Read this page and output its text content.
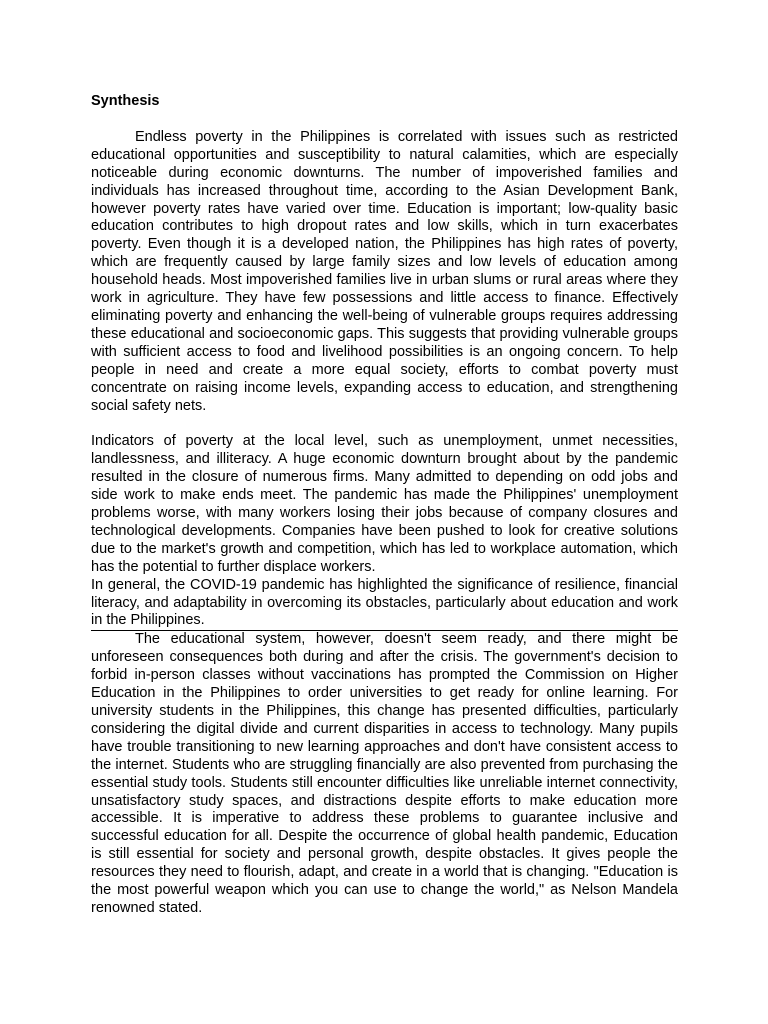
Synthesis

Endless poverty in the Philippines is correlated with issues such as restricted educational opportunities and susceptibility to natural calamities, which are especially noticeable during economic downturns. The number of impoverished families and individuals has increased throughout time, according to the Asian Development Bank, however poverty rates have varied over time. Education is important; low-quality basic education contributes to high dropout rates and low skills, which in turn exacerbates poverty. Even though it is a developed nation, the Philippines has high rates of poverty, which are frequently caused by large family sizes and low levels of education among household heads. Most impoverished families live in urban slums or rural areas where they work in agriculture. They have few possessions and little access to finance. Effectively eliminating poverty and enhancing the well-being of vulnerable groups requires addressing these educational and socioeconomic gaps. This suggests that providing vulnerable groups with sufficient access to food and livelihood possibilities is an ongoing concern. To help people in need and create a more equal society, efforts to combat poverty must concentrate on raising income levels, expanding access to education, and strengthening social safety nets.

Indicators of poverty at the local level, such as unemployment, unmet necessities, landlessness, and illiteracy. A huge economic downturn brought about by the pandemic resulted in the closure of numerous firms. Many admitted to depending on odd jobs and side work to make ends meet. The pandemic has made the Philippines' unemployment problems worse, with many workers losing their jobs because of company closures and technological developments. Companies have been pushed to look for creative solutions due to the market's growth and competition, which has led to workplace automation, which has the potential to further displace workers.

In general, the COVID-19 pandemic has highlighted the significance of resilience, financial literacy, and adaptability in overcoming its obstacles, particularly about education and work in the Philippines.

The educational system, however, doesn't seem ready, and there might be unforeseen consequences both during and after the crisis. The government's decision to forbid in-person classes without vaccinations has prompted the Commission on Higher Education in the Philippines to order universities to get ready for online learning. For university students in the Philippines, this change has presented difficulties, particularly considering the digital divide and current disparities in access to technology. Many pupils have trouble transitioning to new learning approaches and don't have consistent access to the internet. Students who are struggling financially are also prevented from purchasing the essential study tools. Students still encounter difficulties like unreliable internet connectivity, unsatisfactory study spaces, and distractions despite efforts to make education more accessible. It is imperative to address these problems to guarantee inclusive and successful education for all. Despite the occurrence of global health pandemic, Education is still essential for society and personal growth, despite obstacles. It gives people the resources they need to flourish, adapt, and create in a world that is changing. "Education is the most powerful weapon which you can use to change the world," as Nelson Mandela renowned stated.
